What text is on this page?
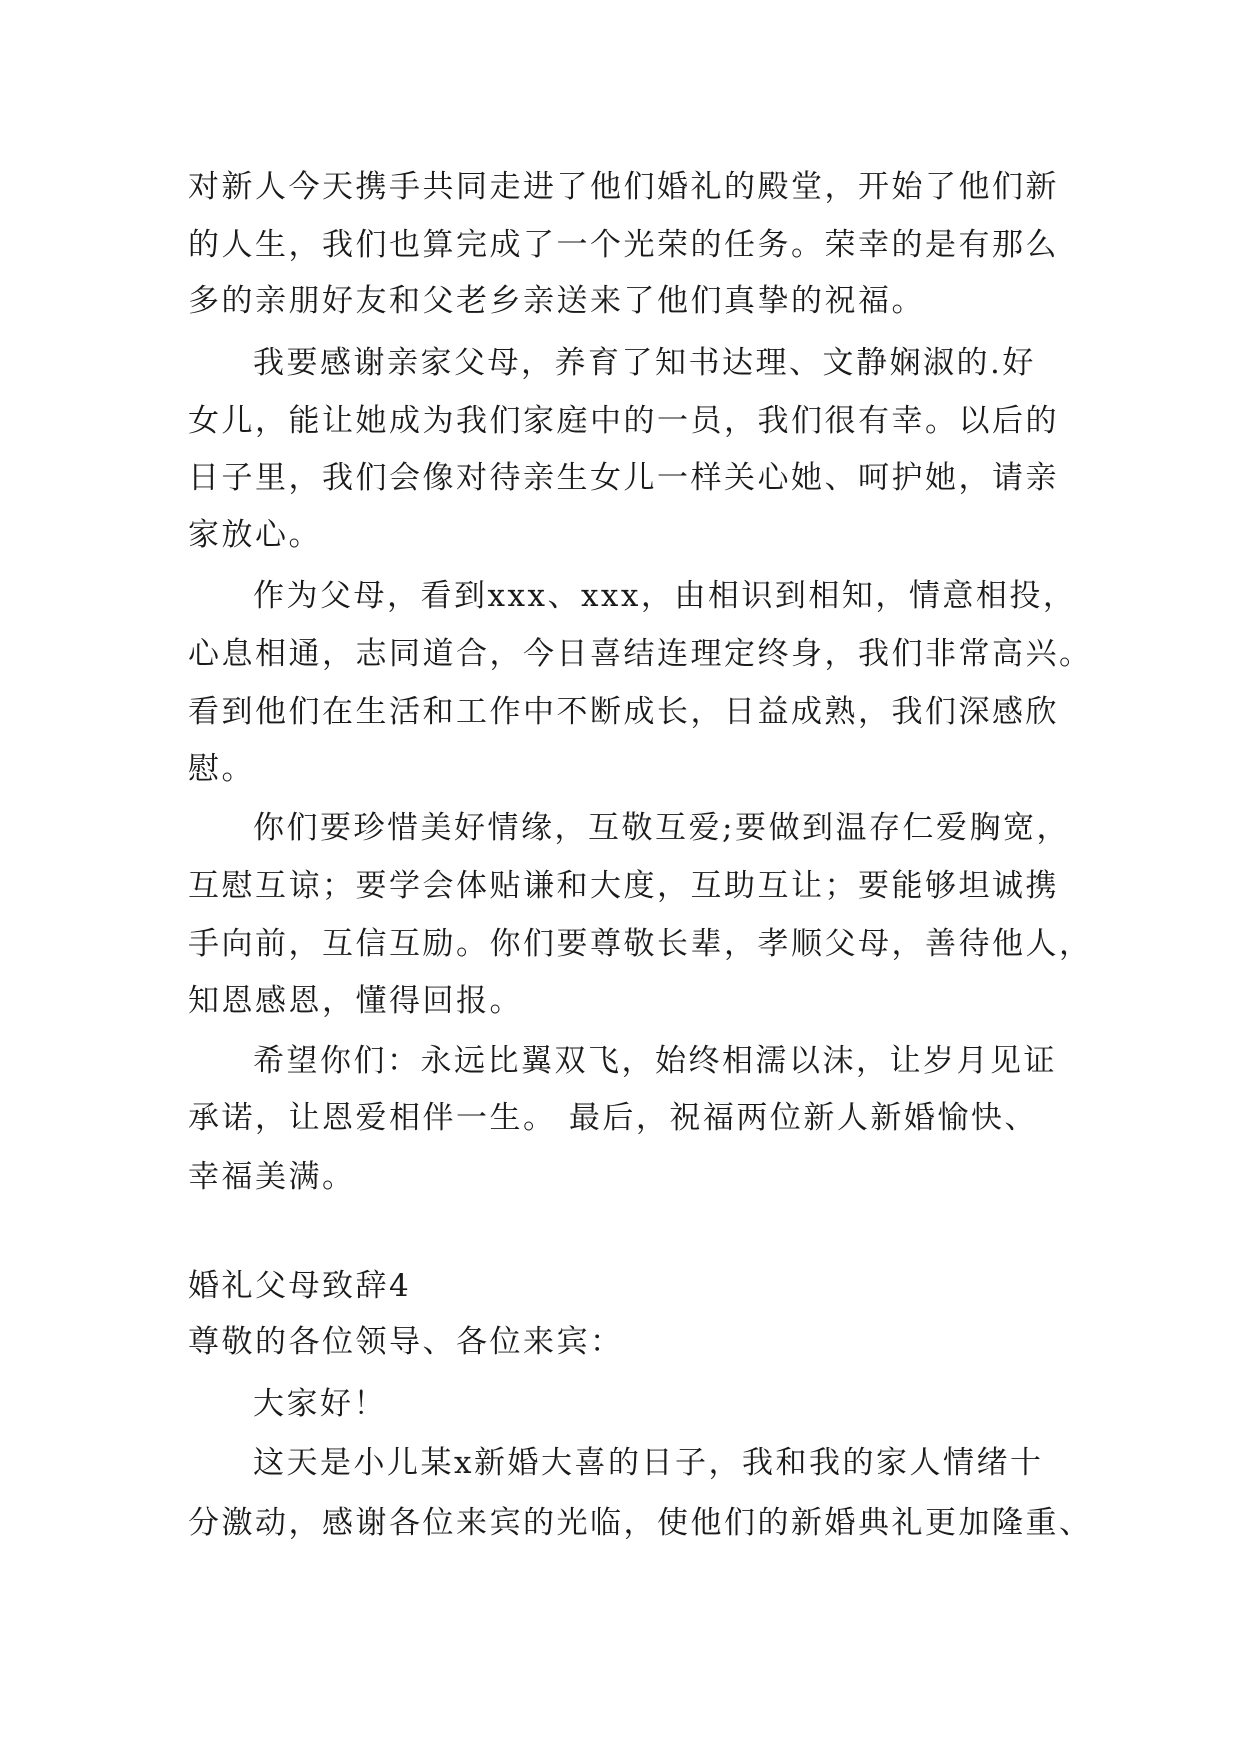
对新人今天携手共同走进了他们婚礼的殿堂，开始了他们新
的人生，我们也算完成了一个光荣的任务。荣幸的是有那么
多的亲朋好友和父老乡亲送来了他们真挚的祝福。
我要感谢亲家父母，养育了知书达理、文静娴淑的.好
女儿，能让她成为我们家庭中的一员，我们很有幸。以后的
日子里，我们会像对待亲生女儿一样关心她、呵护她，请亲
家放心。
作为父母，看到xxx、xxx，由相识到相知，情意相投，
心息相通，志同道合，今日喜结连理定终身，我们非常高兴。
看到他们在生活和工作中不断成长，日益成熟，我们深感欣
慰。
你们要珍惜美好情缘，互敬互爱;要做到温存仁爱胸宽，
互慰互谅；要学会体贴谦和大度，互助互让；要能够坦诚携
手向前，互信互励。你们要尊敬长辈，孝顺父母，善待他人，
知恩感恩，懂得回报。
希望你们：永远比翼双飞，始终相濡以沫，让岁月见证
承诺，让恩爱相伴一生。 最后，祝福两位新人新婚愉快、
幸福美满。
婚礼父母致辞4
尊敬的各位领导、各位来宾：
大家好！
这天是小儿某x新婚大喜的日子，我和我的家人情绪十
分激动，感谢各位来宾的光临，使他们的新婚典礼更加隆重、
